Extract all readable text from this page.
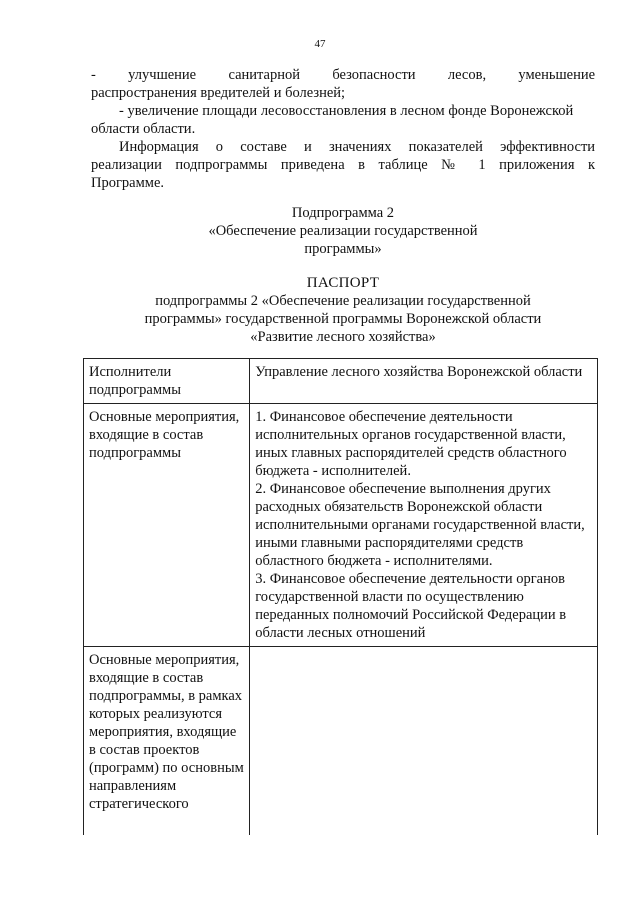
47
- улучшение санитарной безопасности лесов, уменьшение
распространения вредителей и болезней;
- увеличение площади лесовосстановления в лесном фонде Воронежской
области области.
Информация о составе и значениях показателей эффективности
реализации подпрограммы приведена в таблице № 1 приложения к
Программе.
Подпрограмма 2
«Обеспечение реализации государственной
программы»
ПАСПОРТ
подпрограммы 2 «Обеспечение реализации государственной
программы» государственной программы Воронежской области
«Развитие лесного хозяйства»
Исполнители подпрограммы	Управление лесного хозяйства Воронежской области
Основные мероприятия, входящие в состав подпрограммы	1. Финансовое обеспечение деятельности исполнительных органов государственной власти, иных главных распорядителей средств областного бюджета - исполнителей.
2. Финансовое обеспечение выполнения других расходных обязательств Воронежской области исполнительными органами государственной власти, иными главными распорядителями средств областного бюджета - исполнителями.
3. Финансовое обеспечение деятельности органов государственной власти по осуществлению переданных полномочий Российской Федерации в области лесных отношений

Основные мероприятия, входящие в состав подпрограммы, в рамках которых реализуются мероприятия, входящие в состав проектов (программ) по основным направлениям стратегического	
